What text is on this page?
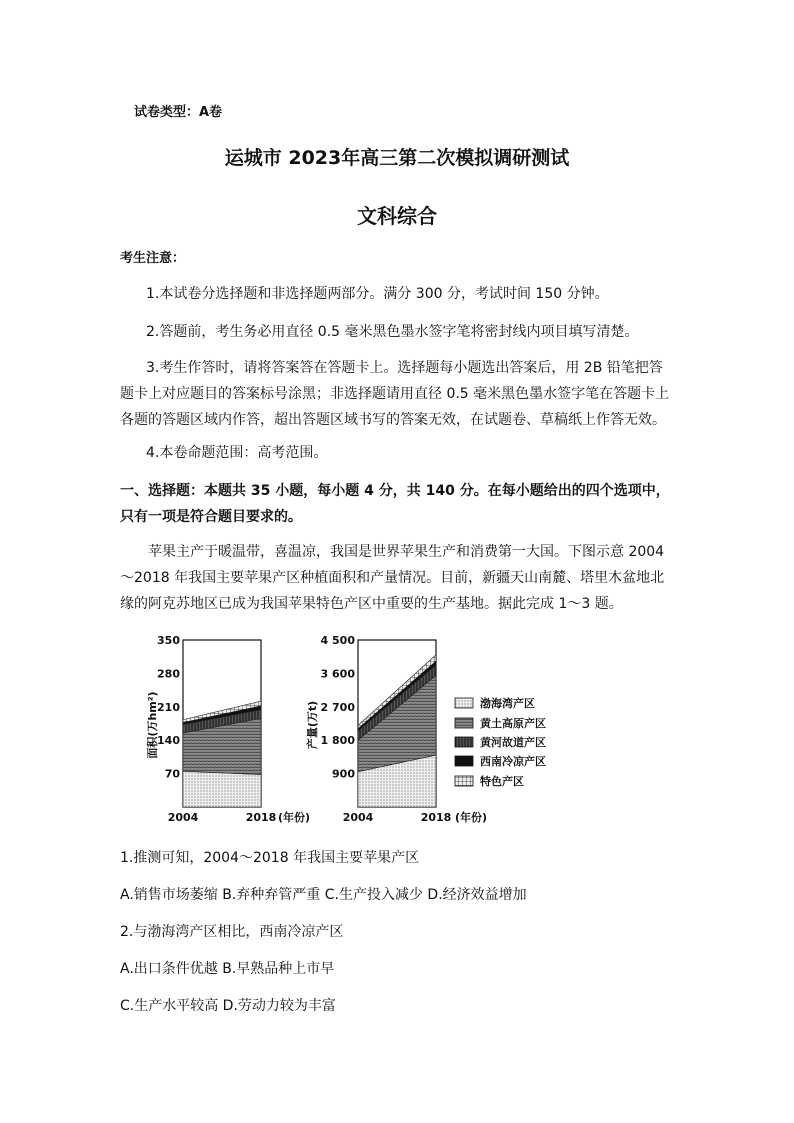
试卷类型：A卷
运城市 2023年高三第二次模拟调研测试
文科综合
考生注意：
1.本试卷分选择题和非选择题两部分。满分 300 分，考试时间 150 分钟。
2.答题前，考生务必用直径 0.5 毫米黑色墨水签字笔将密封线内项目填写清楚。
3.考生作答时，请将答案答在答题卡上。选择题每小题选出答案后，用 2B 铅笔把答题卡上对应题目的答案标号涂黑；非选择题请用直径 0.5 毫米黑色墨水签字笔在答题卡上各题的答题区域内作答，超出答题区域书写的答案无效，在试题卷、草稿纸上作答无效。
4.本卷命题范围：高考范围。
一、选择题：本题共 35 小题，每小题 4 分，共 140 分。在每小题给出的四个选项中，只有一项是符合题目要求的。
苹果主产于暖温带，喜温凉，我国是世界苹果生产和消费第一大国。下图示意 2004～2018 年我国主要苹果产区种植面积和产量情况。目前，新疆天山南麓、塔里木盆地北缘的阿克苏地区已成为我国苹果特色产区中重要的生产基地。据此完成 1～3 题。
70
140
210
280
350
2004	2018 (年份)
面积(万hm²)
900
1 800
2 700
3 600
4 500
2004	2018 (年份)
产量(万t)	渤海湾产区
黄土高原产区
黄河故道产区
西南冷凉产区
特色产区
1.推测可知，2004～2018 年我国主要苹果产区
A.销售市场萎缩 B.弃种弃管严重 C.生产投入减少 D.经济效益增加
2.与渤海湾产区相比，西南冷凉产区
A.出口条件优越 B.早熟品种上市早
C.生产水平较高 D.劳动力较为丰富
